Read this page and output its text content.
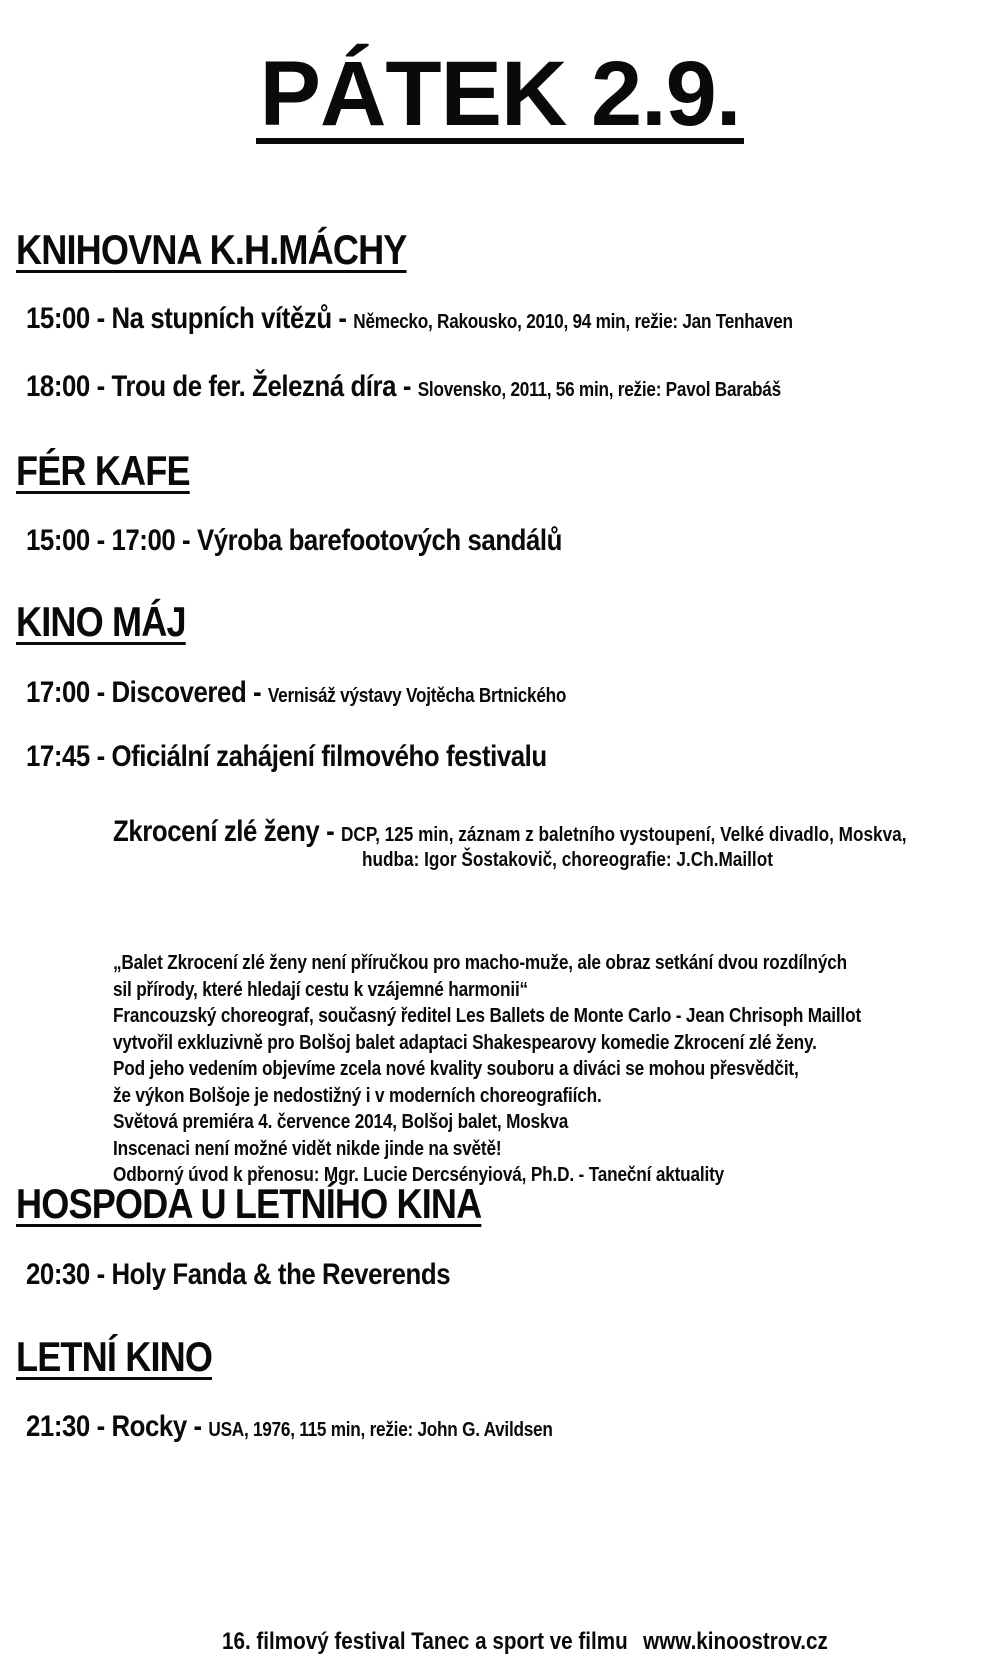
PÁTEK 2.9.
KNIHOVNA K.H.MÁCHY
15:00 - Na stupních vítězů - Německo, Rakousko, 2010, 94 min, režie: Jan Tenhaven
18:00 - Trou de fer. Železná díra - Slovensko, 2011, 56 min, režie: Pavol Barabáš
FÉR KAFE
15:00 - 17:00 - Výroba barefootových sandálů
KINO MÁJ
17:00 - Discovered - Vernisáž výstavy Vojtěcha Brtnického
17:45 - Oficiální zahájení filmového festivalu
Zkrocení zlé ženy - DCP, 125 min, záznam z baletního vystoupení, Velké divadlo, Moskva,
hudba: Igor Šostakovič, choreografie: J.Ch.Maillot
„Balet Zkrocení zlé ženy není příručkou pro macho-muže, ale obraz setkání dvou rozdílných
sil přírody, které hledají cestu k vzájemné harmonii“
Francouzský choreograf, současný ředitel Les Ballets de Monte Carlo - Jean Chrisoph Maillot
vytvořil exkluzivně pro Bolšoj balet adaptaci Shakespearovy komedie Zkrocení zlé ženy.
Pod jeho vedením objevíme zcela nové kvality souboru a diváci se mohou přesvědčit,
že výkon Bolšoje je nedostižný i v moderních choreografiích.
Světová premiéra 4. července 2014, Bolšoj balet, Moskva
Inscenaci není možné vidět nikde jinde na světě!
Odborný úvod k přenosu: Mgr. Lucie Dercsényiová, Ph.D. - Taneční aktuality
HOSPODA U LETNÍHO KINA
20:30 - Holy Fanda & the Reverends
LETNÍ KINO
21:30 - Rocky - USA, 1976, 115 min, režie: John G. Avildsen
16. filmový festival Tanec a sport ve filmu www.kinoostrov.cz
